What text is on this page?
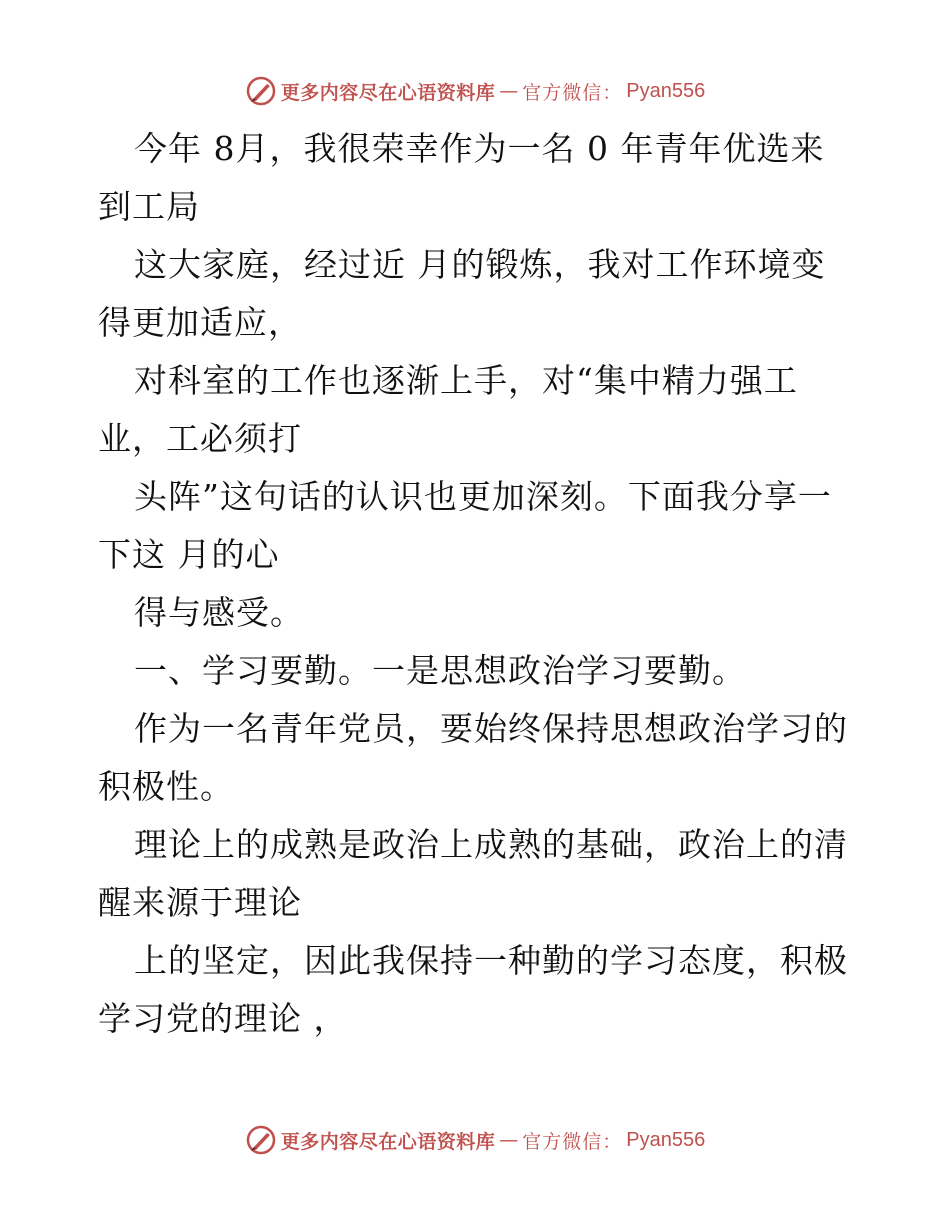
更多内容尽在心语资料库 — 官方微信： Pyan556

今年 8月，我很荣幸作为一名 0 年青年优选来到工局

这大家庭，经过近 月的锻炼，我对工作环境变得更加适应，

对科室的工作也逐渐上手，对“集中精力强工业，工必须打

头阵”这句话的认识也更加深刻。下面我分享一下这 月的心

得与感受。

一、学习要勤。一是思想政治学习要勤。

作为一名青年党员，要始终保持思想政治学习的积极性。

理论上的成熟是政治上成熟的基础，政治上的清醒来源于理论

上的坚定，因此我保持一种勤的学习态度，积极学习党的理论 ，

更多内容尽在心语资料库 — 官方微信： Pyan556
